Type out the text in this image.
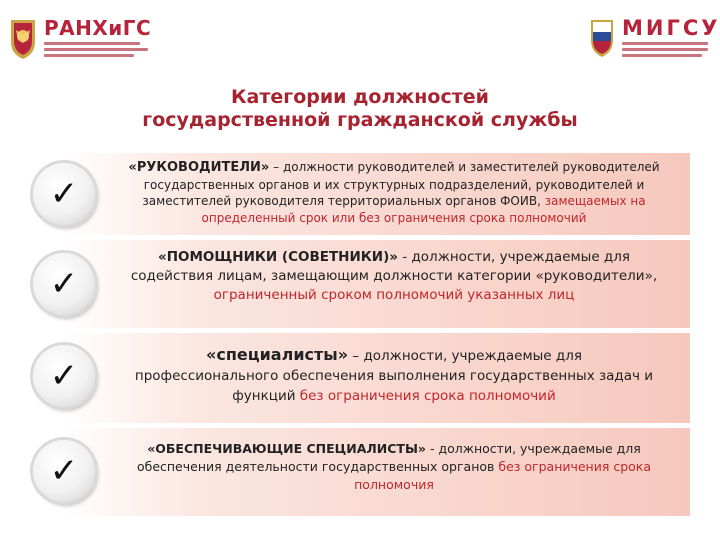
РАНХиГС	МИГСУ
Категории должностей
государственной гражданской службы
✓
«РУКОВОДИТЕЛИ» – должности руководителей и заместителей руководителей
государственных органов и их структурных подразделений, руководителей и
заместителей руководителя территориальных органов ФОИВ, замещаемых на
определенный срок или без ограничения срока полномочий
✓
«ПОМОЩНИКИ (СОВЕТНИКИ)» - должности, учреждаемые для
содействия лицам, замещающим должности категории «руководители»,
ограниченный сроком полномочий указанных лиц
✓
«специалисты» – должности, учреждаемые для
профессионального обеспечения выполнения государственных задач и
функций без ограничения срока полномочий
✓
«ОБЕСПЕЧИВАЮЩИЕ СПЕЦИАЛИСТЫ» - должности, учреждаемые для
обеспечения деятельности государственных органов без ограничения срока
полномочия
